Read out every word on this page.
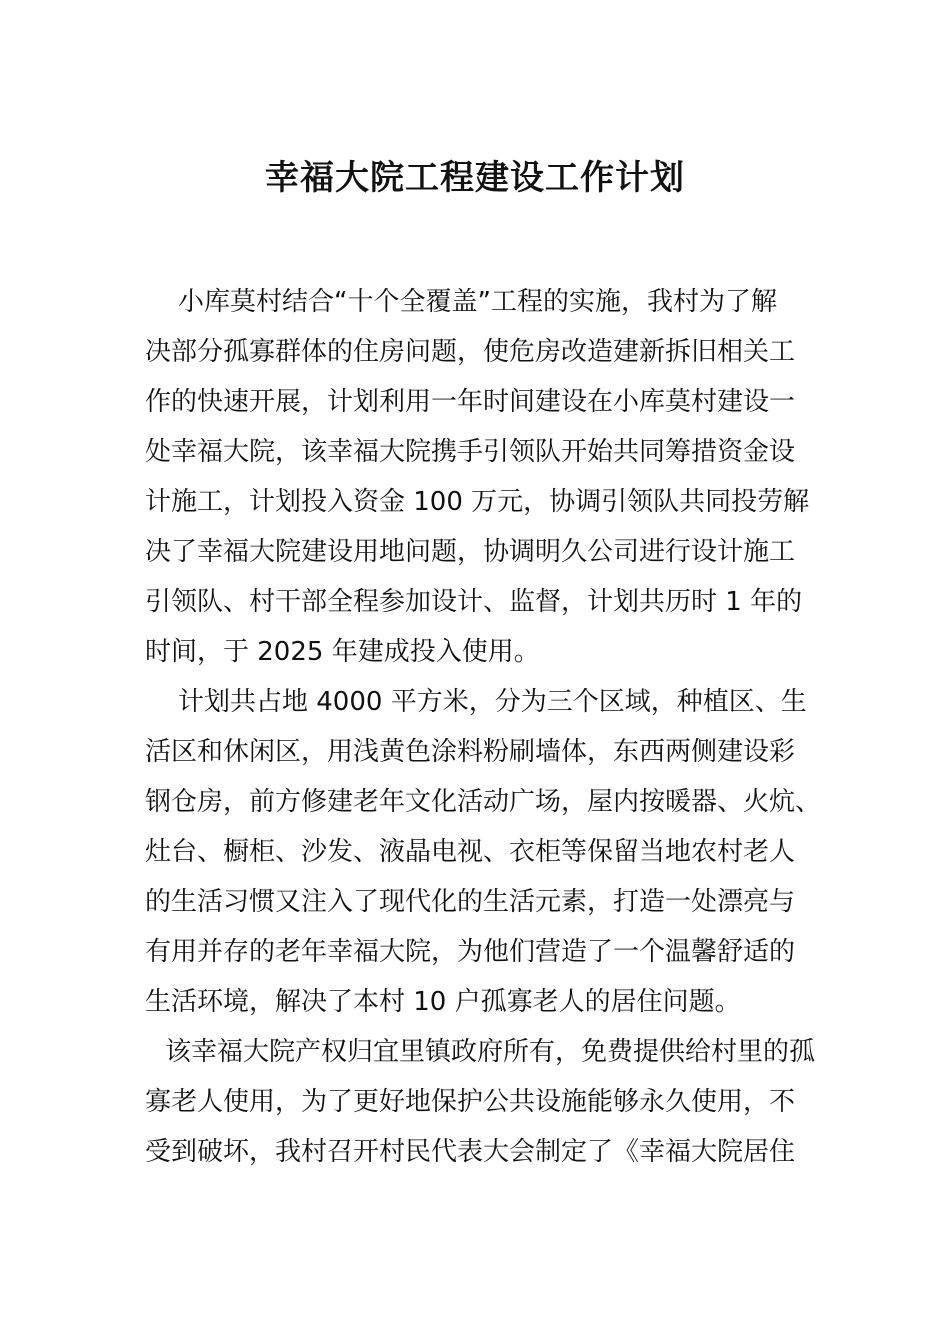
幸福大院工程建设工作计划
小库莫村结合“十个全覆盖”工程的实施，我村为了解
决部分孤寡群体的住房问题，使危房改造建新拆旧相关工
作的快速开展，计划利用一年时间建设在小库莫村建设一
处幸福大院，该幸福大院携手引领队开始共同筹措资金设
计施工，计划投入资金 100 万元，协调引领队共同投劳解
决了幸福大院建设用地问题，协调明久公司进行设计施工
引领队、村干部全程参加设计、监督，计划共历时 1 年的
时间，于 2025 年建成投入使用。
计划共占地 4000 平方米，分为三个区域，种植区、生
活区和休闲区，用浅黄色涂料粉刷墙体，东西两侧建设彩
钢仓房，前方修建老年文化活动广场，屋内按暖器、火炕、
灶台、橱柜、沙发、液晶电视、衣柜等保留当地农村老人
的生活习惯又注入了现代化的生活元素，打造一处漂亮与
有用并存的老年幸福大院，为他们营造了一个温馨舒适的
生活环境，解决了本村 10 户孤寡老人的居住问题。
该幸福大院产权归宜里镇政府所有，免费提供给村里的孤
寡老人使用，为了更好地保护公共设施能够永久使用，不
受到破坏，我村召开村民代表大会制定了《幸福大院居住
